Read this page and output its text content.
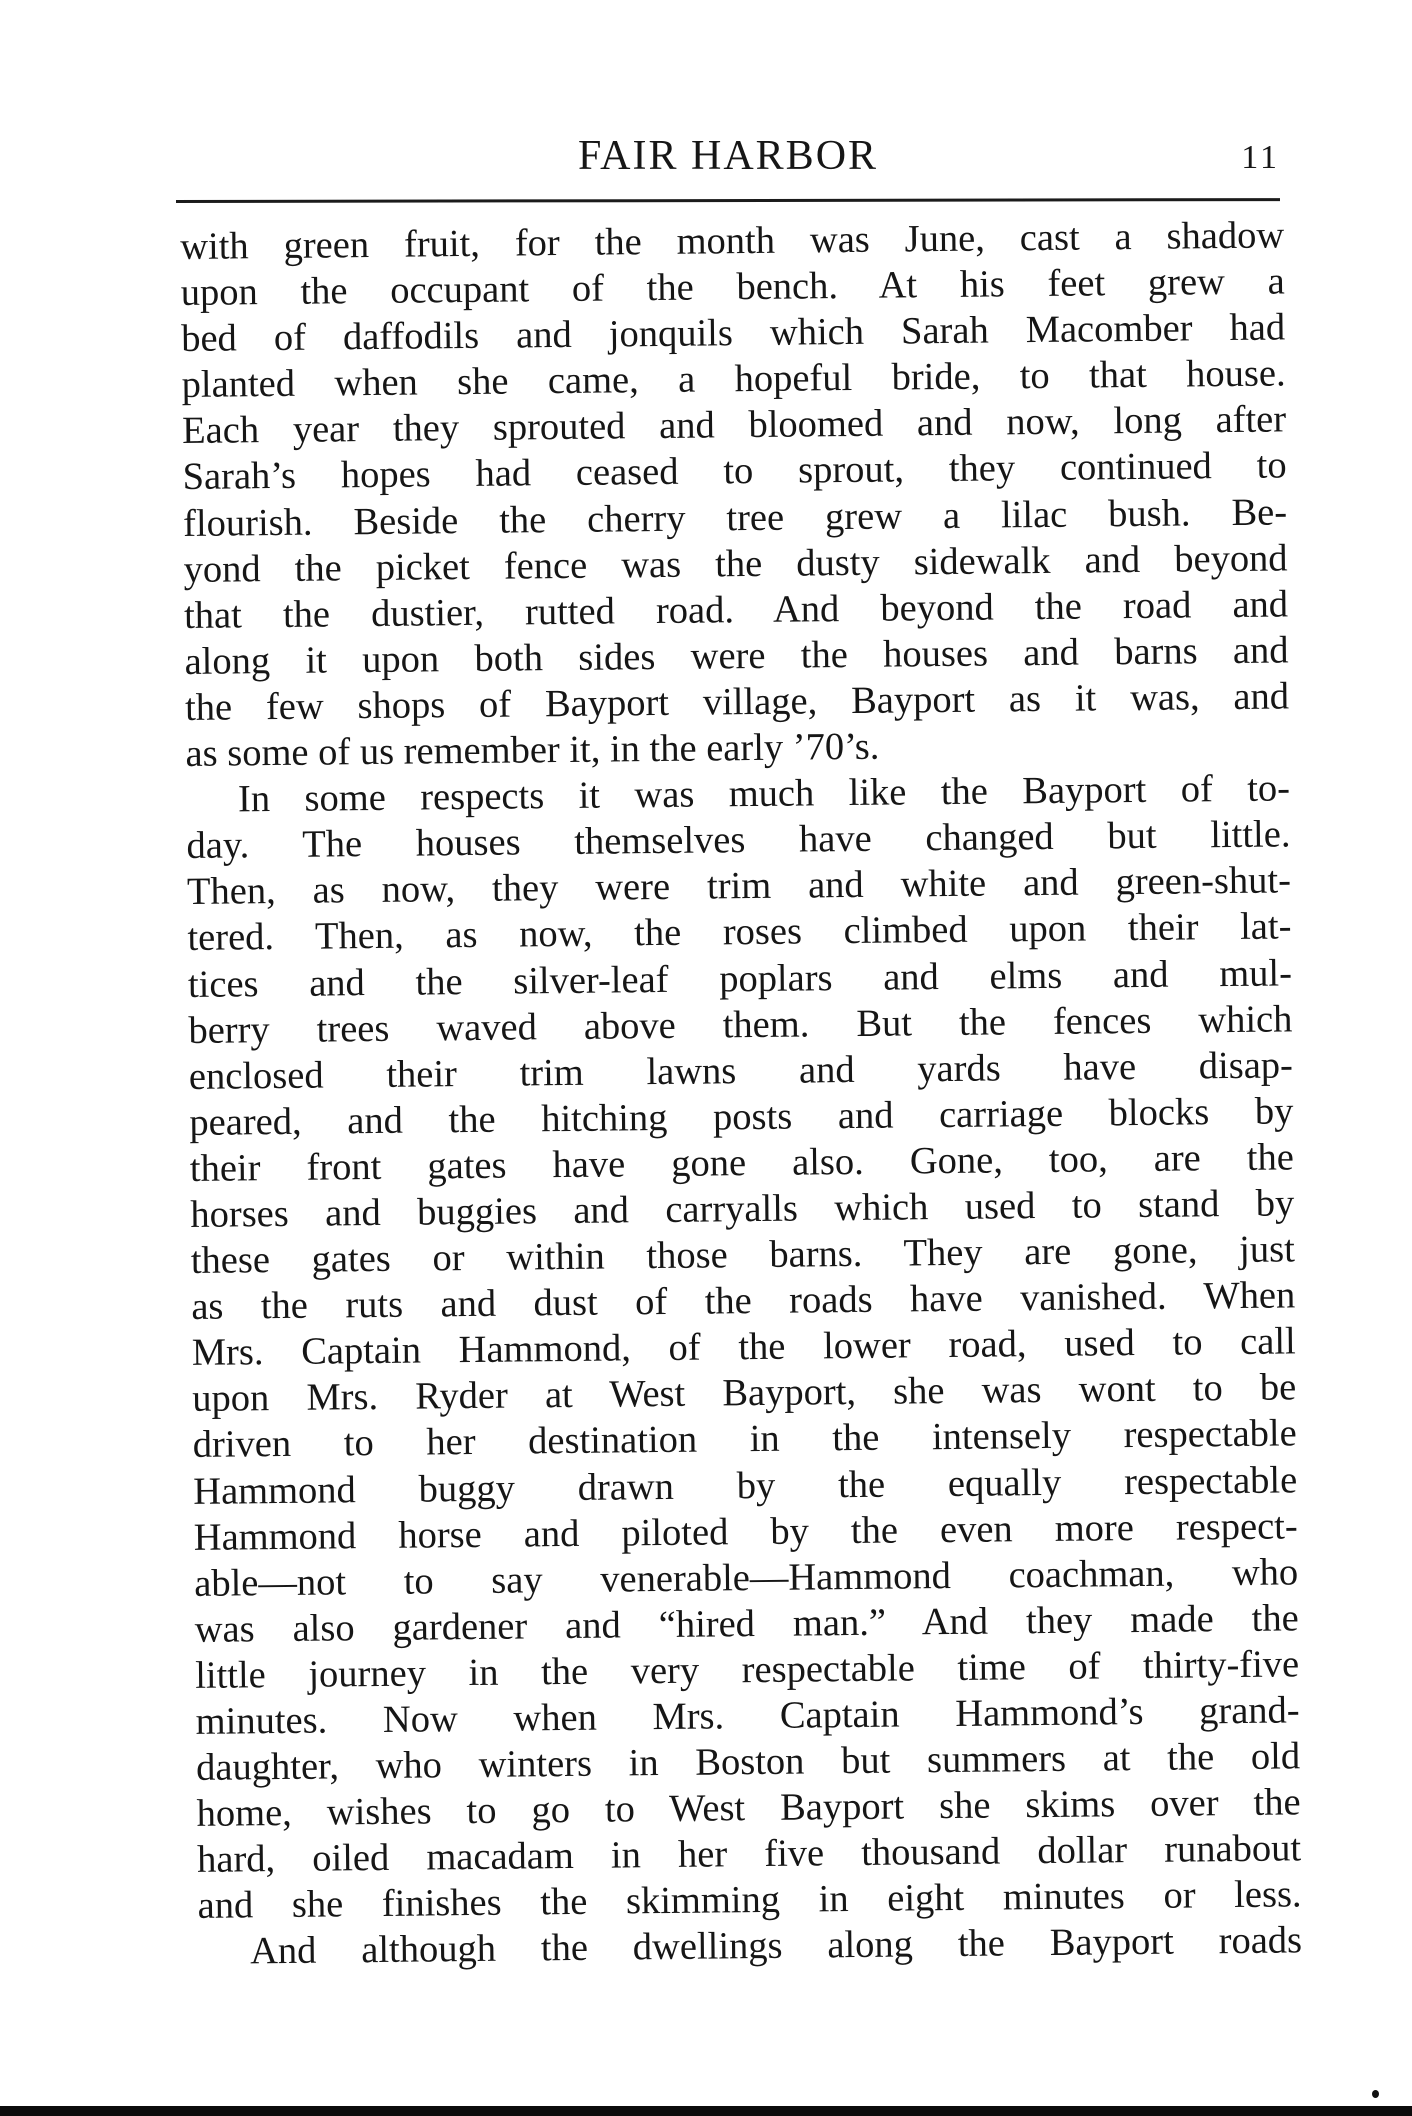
FAIR HARBOR	11
with green fruit, for the month was June, cast a shadow
upon the occupant of the bench. At his feet grew a
bed of daffodils and jonquils which Sarah Macomber had
planted when she came, a hopeful bride, to that house.
Each year they sprouted and bloomed and now, long after
Sarah’s hopes had ceased to sprout, they continued to
flourish. Beside the cherry tree grew a lilac bush. Be-
yond the picket fence was the dusty sidewalk and beyond
that the dustier, rutted road. And beyond the road and
along it upon both sides were the houses and barns and
the few shops of Bayport village, Bayport as it was, and
as some of us remember it, in the early ’70’s.
In some respects it was much like the Bayport of to-
day. The houses themselves have changed but little.
Then, as now, they were trim and white and green-shut-
tered. Then, as now, the roses climbed upon their lat-
tices and the silver-leaf poplars and elms and mul-
berry trees waved above them. But the fences which
enclosed their trim lawns and yards have disap-
peared, and the hitching posts and carriage blocks by
their front gates have gone also. Gone, too, are the
horses and buggies and carryalls which used to stand by
these gates or within those barns. They are gone, just
as the ruts and dust of the roads have vanished. When
Mrs. Captain Hammond, of the lower road, used to call
upon Mrs. Ryder at West Bayport, she was wont to be
driven to her destination in the intensely respectable
Hammond buggy drawn by the equally respectable
Hammond horse and piloted by the even more respect-
able—not to say venerable—Hammond coachman, who
was also gardener and “hired man.” And they made the
little journey in the very respectable time of thirty-five
minutes. Now when Mrs. Captain Hammond’s grand-
daughter, who winters in Boston but summers at the old
home, wishes to go to West Bayport she skims over the
hard, oiled macadam in her five thousand dollar runabout
and she finishes the skimming in eight minutes or less.
And although the dwellings along the Bayport roads
